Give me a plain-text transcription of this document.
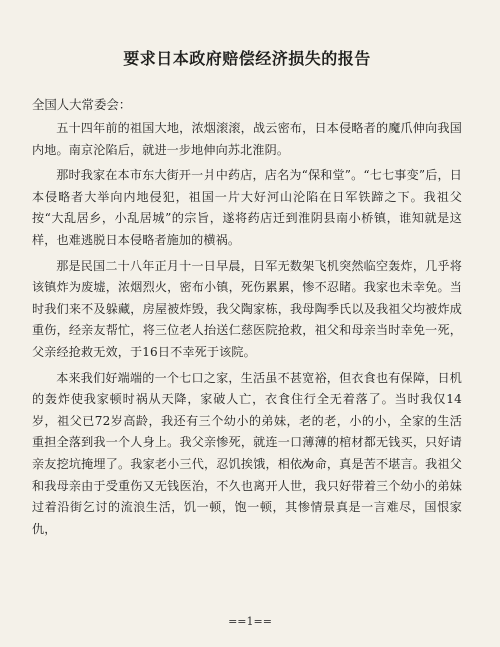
要求日本政府赔偿经济损失的报告
全国人大常委会：

五十四年前的祖国大地，浓烟滚滚，战云密布，日本侵略者的魔爪伸向我国内地。南京沦陷后，就进一步地伸向苏北淮阴。

那时我家在本市东大街开一爿中药店，店名为“保和堂”。“七七事变”后，日本侵略者大举向内地侵犯，祖国一片大好河山沦陷在日军铁蹄之下。我祖父按“大乱居乡，小乱居城”的宗旨，遂将药店迁到淮阴县南小桥镇，谁知就是这样，也难逃脱日本侵略者施加的横祸。

那是民国二十八年正月十一日早晨，日军无数架飞机突然临空轰炸，几乎将该镇炸为废墟，浓烟烈火，密布小镇，死伤累累，惨不忍睹。我家也未幸免。当时我们来不及躲藏，房屋被炸毁，我父陶家栋，我母陶季氏以及我祖父均被炸成重伤，经亲友帮忙，将三位老人抬送仁慈医院抢救，祖父和母亲当时幸免一死，父亲经抢救无效，于16日不幸死于该院。

本来我们好端端的一个七口之家，生活虽不甚宽裕，但衣食也有保障，日机的轰炸使我家顿时祸从天降，家破人亡，衣食住行全无着落了。当时我仅14岁，祖父已72岁高龄，我还有三个幼小的弟妹，老的老，小的小，全家的生活重担全落到我一个人身上。我父亲惨死，就连一口薄薄的棺材都无钱买，只好请亲友挖坑掩埋了。我家老小三代，忍饥挨饿，相依为命，真是苦不堪言。我祖父和我母亲由于受重伤又无钱医治，不久也离开人世，我只好带着三个幼小的弟妹过着沿街乞讨的流浪生活，饥一顿，饱一顿，其惨情景真是一言难尽，国恨家仇，

==1==
